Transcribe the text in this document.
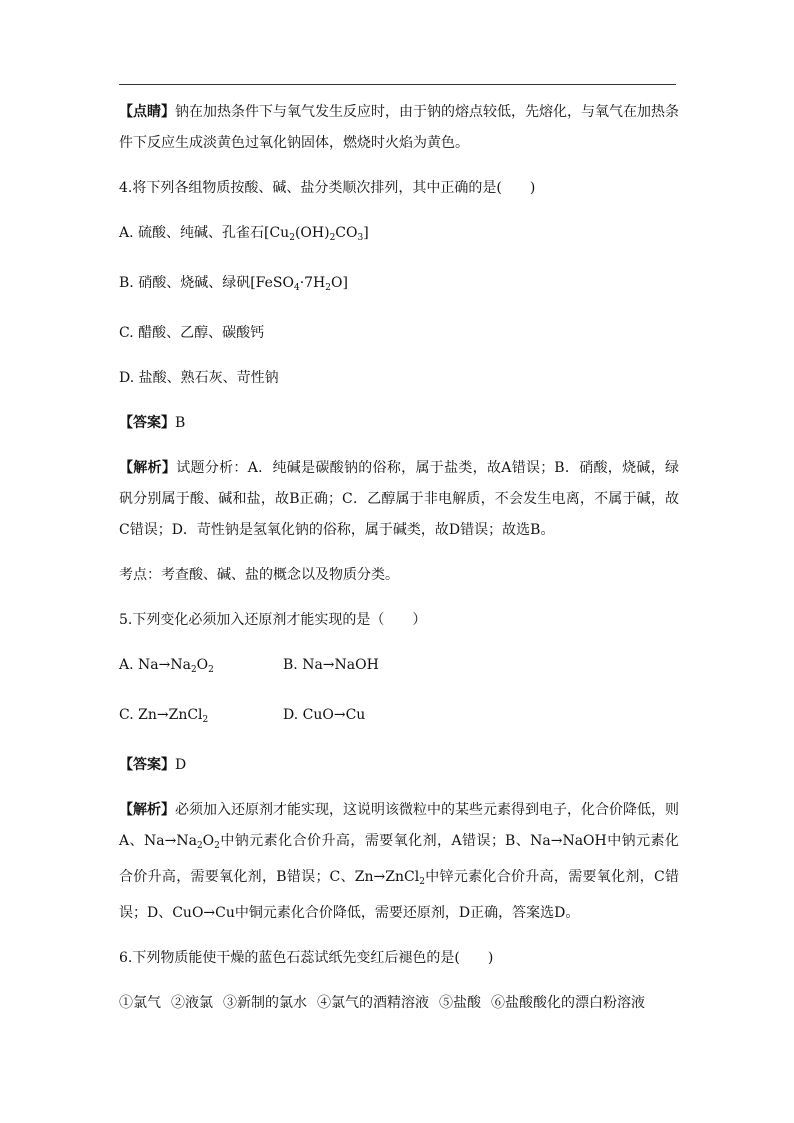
【点睛】钠在加热条件下与氧气发生反应时，由于钠的熔点较低，先熔化，与氧气在加热条件下反应生成淡黄色过氧化钠固体，燃烧时火焰为黄色。

4.将下列各组物质按酸、碱、盐分类顺次排列，其中正确的是(　　)

A. 硫酸、纯碱、孔雀石$[Cu_2(OH)_2CO_3]$

B. 硝酸、烧碱、绿矾$[FeSO_4\cdot 7H_2O]$

C. 醋酸、乙醇、碳酸钙

D. 盐酸、熟石灰、苛性钠

【答案】B

【解析】试题分析：A．纯碱是碳酸钠的俗称，属于盐类，故A错误；B．硝酸，烧碱，绿矾分别属于酸、碱和盐，故B正确；C．乙醇属于非电解质，不会发生电离，不属于碱，故C错误；D．苛性钠是氢氧化钠的俗称，属于碱类，故D错误；故选B。

考点：考查酸、碱、盐的概念以及物质分类。

5.下列变化必须加入还原剂才能实现的是（　　）

A. $Na\to Na_2O_2$	B. Na→NaOH

C. Zn→ZnCl$_2$	D. CuO→Cu

【答案】D

【解析】必须加入还原剂才能实现，这说明该微粒中的某些元素得到电子，化合价降低，则A、$Na\to Na_2O_2$中钠元素化合价升高，需要氧化剂，A错误；B、Na→NaOH中钠元素化合价升高，需要氧化剂，B错误；C、Zn→ZnCl$_2$中锌元素化合价升高，需要氧化剂，C错误；D、CuO→Cu中铜元素化合价降低，需要还原剂，D正确，答案选D。

6.下列物质能使干燥的蓝色石蕊试纸先变红后褪色的是(　　)

①氯气 ②液氯 ③新制的氯水 ④氯气的酒精溶液 ⑤盐酸 ⑥盐酸酸化的漂白粉溶液
